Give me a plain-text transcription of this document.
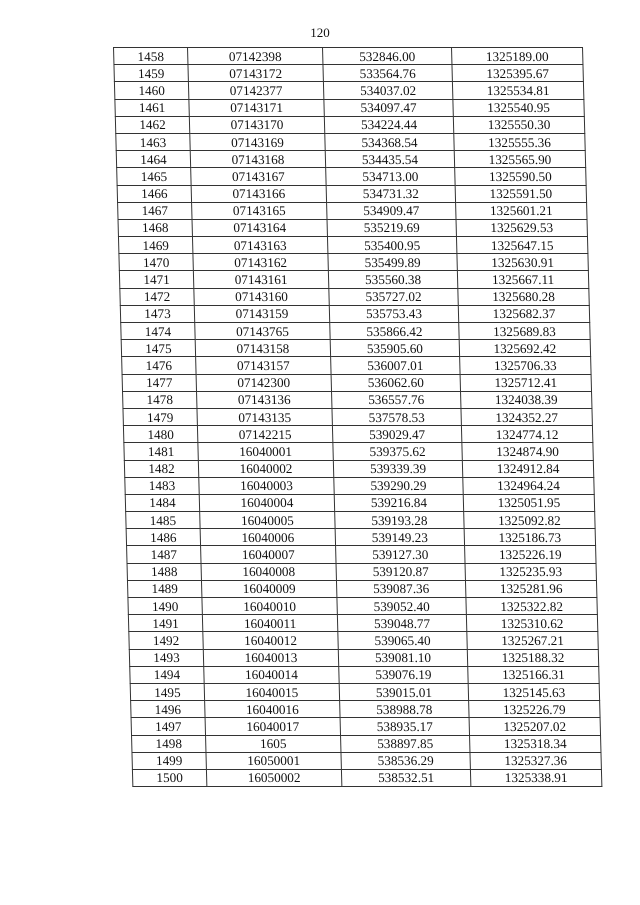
120
1458	07142398	532846.00	1325189.00
1459	07143172	533564.76	1325395.67
1460	07142377	534037.02	1325534.81
1461	07143171	534097.47	1325540.95
1462	07143170	534224.44	1325550.30
1463	07143169	534368.54	1325555.36
1464	07143168	534435.54	1325565.90
1465	07143167	534713.00	1325590.50
1466	07143166	534731.32	1325591.50
1467	07143165	534909.47	1325601.21
1468	07143164	535219.69	1325629.53
1469	07143163	535400.95	1325647.15
1470	07143162	535499.89	1325630.91
1471	07143161	535560.38	1325667.11
1472	07143160	535727.02	1325680.28
1473	07143159	535753.43	1325682.37
1474	07143765	535866.42	1325689.83
1475	07143158	535905.60	1325692.42
1476	07143157	536007.01	1325706.33
1477	07142300	536062.60	1325712.41
1478	07143136	536557.76	1324038.39
1479	07143135	537578.53	1324352.27
1480	07142215	539029.47	1324774.12
1481	16040001	539375.62	1324874.90
1482	16040002	539339.39	1324912.84
1483	16040003	539290.29	1324964.24
1484	16040004	539216.84	1325051.95
1485	16040005	539193.28	1325092.82
1486	16040006	539149.23	1325186.73
1487	16040007	539127.30	1325226.19
1488	16040008	539120.87	1325235.93
1489	16040009	539087.36	1325281.96
1490	16040010	539052.40	1325322.82
1491	16040011	539048.77	1325310.62
1492	16040012	539065.40	1325267.21
1493	16040013	539081.10	1325188.32
1494	16040014	539076.19	1325166.31
1495	16040015	539015.01	1325145.63
1496	16040016	538988.78	1325226.79
1497	16040017	538935.17	1325207.02
1498	1605	538897.85	1325318.34
1499	16050001	538536.29	1325327.36
1500	16050002	538532.51	1325338.91
